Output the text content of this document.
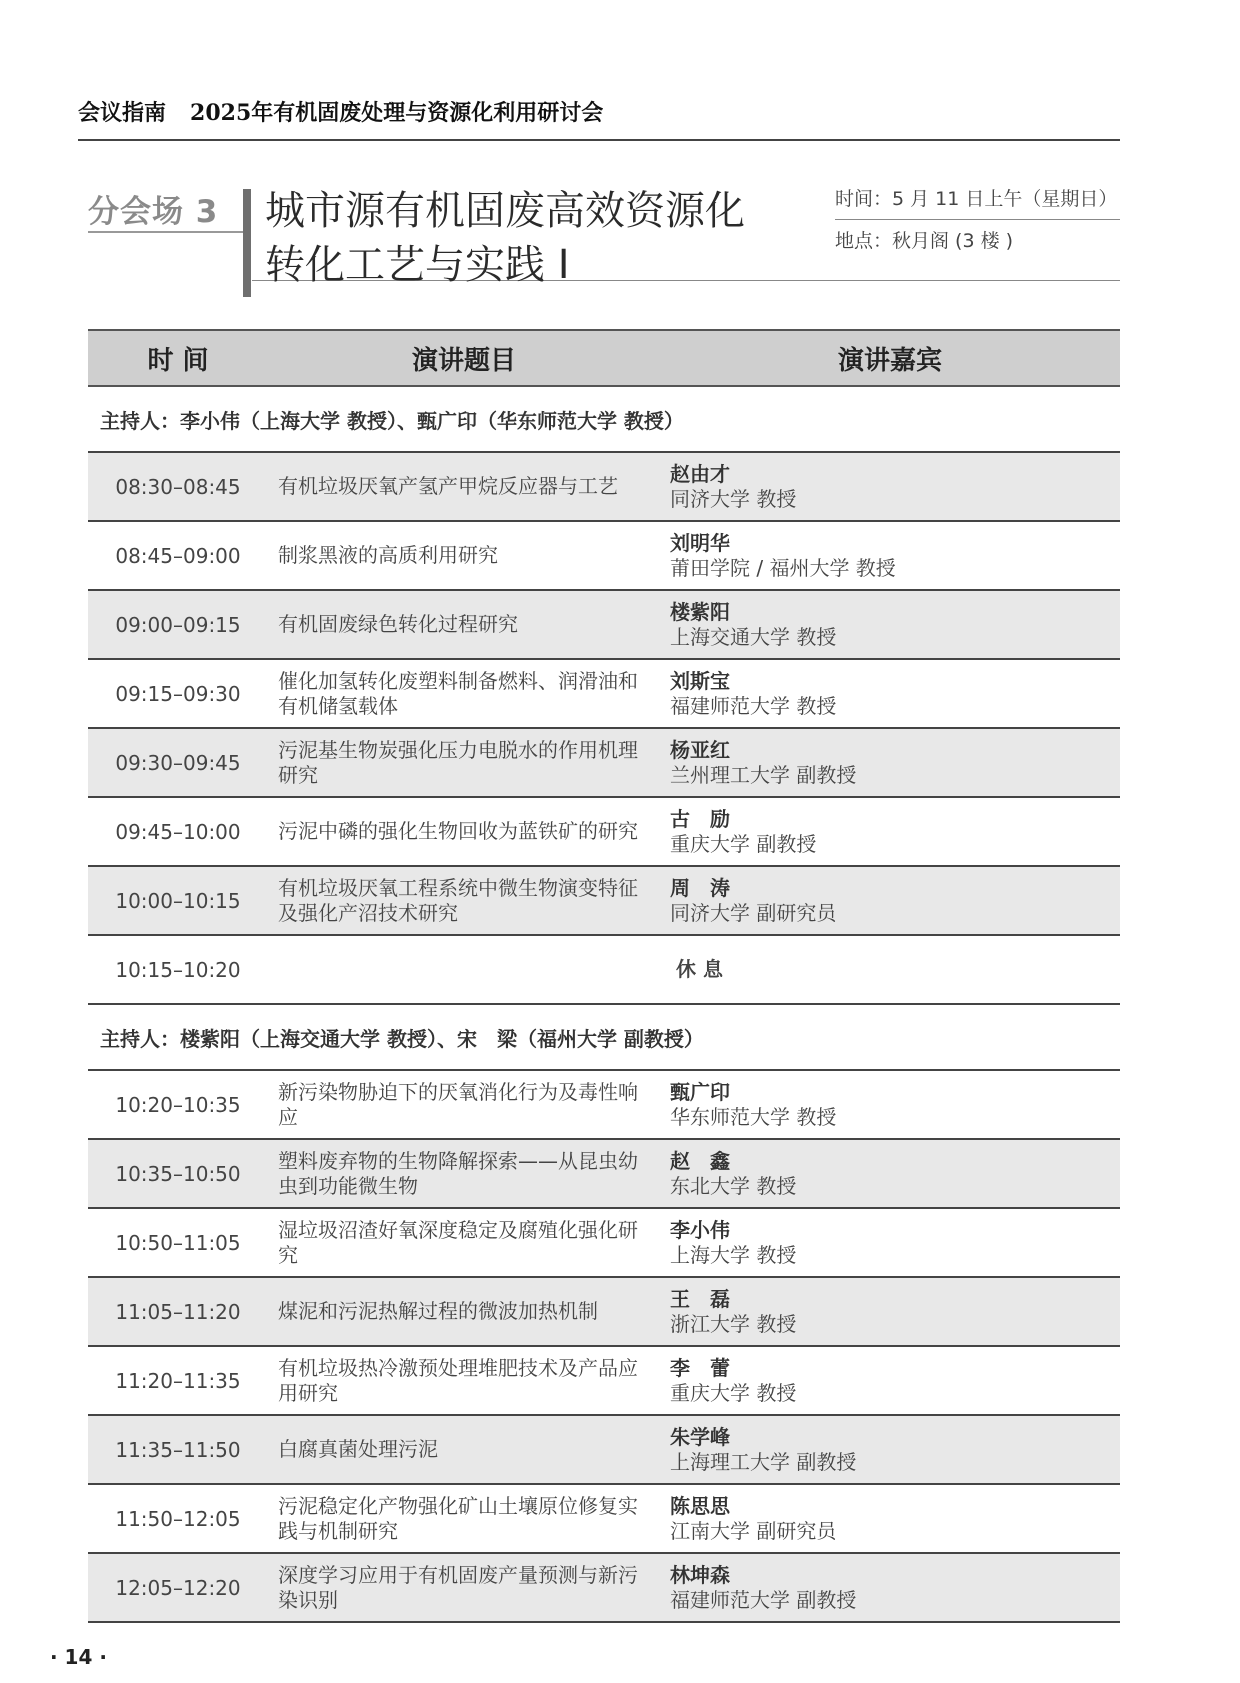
会议指南 2025年有机固废处理与资源化利用研讨会
分会场 3 城市源有机固废高效资源化
转化工艺与实践 I
时间：5 月 11 日上午（星期日）
地点：秋月阁 (3 楼 )
时 间	演讲题目	演讲嘉宾
主持人：李小伟（上海大学 教授）、甄广印（华东师范大学 教授）		
08:30–08:45	有机垃圾厌氧产氢产甲烷反应器与工艺	赵由才
同济大学 教授

08:45–09:00	制浆黑液的高质利用研究	刘明华
莆田学院 / 福州大学 教授

09:00–09:15	有机固废绿色转化过程研究	楼紫阳
上海交通大学 教授

09:15–09:30	催化加氢转化废塑料制备燃料、润滑油和有机储氢载体	刘斯宝
福建师范大学 教授

09:30–09:45	污泥基生物炭强化压力电脱水的作用机理研究	杨亚红
兰州理工大学 副教授

09:45–10:00	污泥中磷的强化生物回收为蓝铁矿的研究	古　励
重庆大学 副教授

10:00–10:15	有机垃圾厌氧工程系统中微生物演变特征及强化产沼技术研究	周　涛
同济大学 副研究员

10:15–10:20		休 息
主持人：楼紫阳（上海交通大学 教授）、宋　梁（福州大学 副教授）		
10:20–10:35	新污染物胁迫下的厌氧消化行为及毒性响应	甄广印
华东师范大学 教授

10:35–10:50	塑料废弃物的生物降解探索——从昆虫幼虫到功能微生物	赵　鑫
东北大学 教授

10:50–11:05	湿垃圾沼渣好氧深度稳定及腐殖化强化研究	李小伟
上海大学 教授

11:05–11:20	煤泥和污泥热解过程的微波加热机制	王　磊
浙江大学 教授

11:20–11:35	有机垃圾热冷激预处理堆肥技术及产品应用研究	李　蕾
重庆大学 教授

11:35–11:50	白腐真菌处理污泥	朱学峰
上海理工大学 副教授

11:50–12:05	污泥稳定化产物强化矿山土壤原位修复实践与机制研究	陈思思
江南大学 副研究员

12:05–12:20	深度学习应用于有机固废产量预测与新污染识别	林坤森
福建师范大学 副教授
· 14 ·
